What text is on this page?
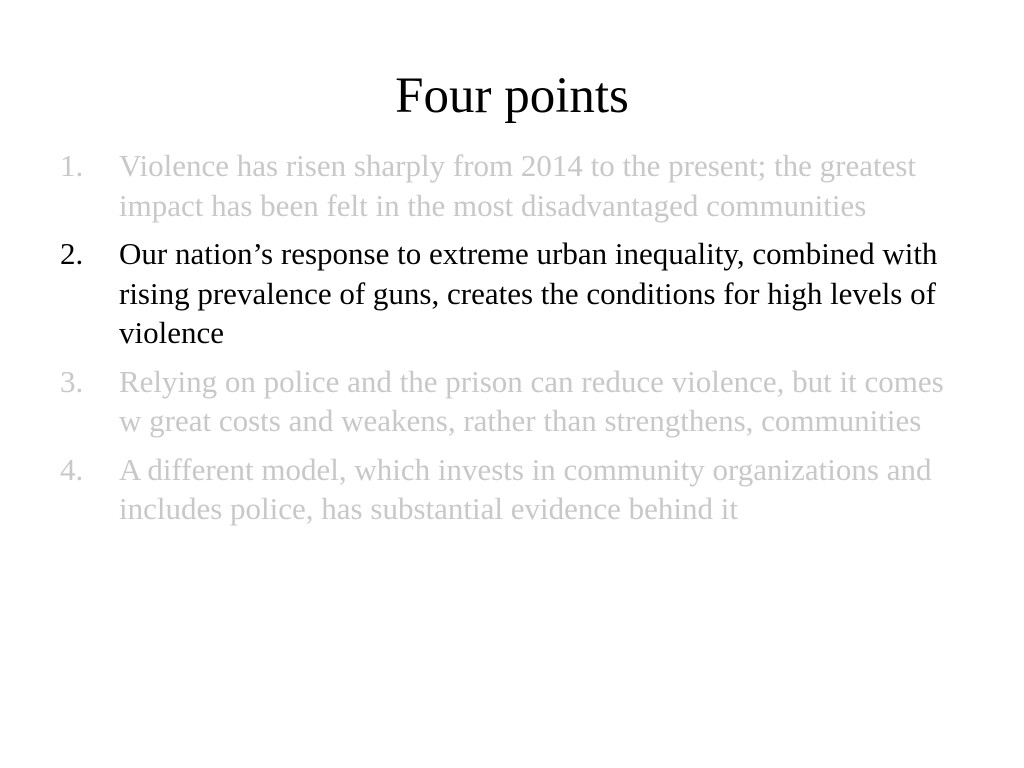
Four points
1.	Violence has risen sharply from 2014 to the present; the greatest impact has been felt in the most disadvantaged communities
2.	Our nation’s response to extreme urban inequality, combined with rising prevalence of guns, creates the conditions for high levels of violence
3.	Relying on police and the prison can reduce violence, but it comes w great costs and weakens, rather than strengthens, communities
4.	A different model, which invests in community organizations and includes police, has substantial evidence behind it
